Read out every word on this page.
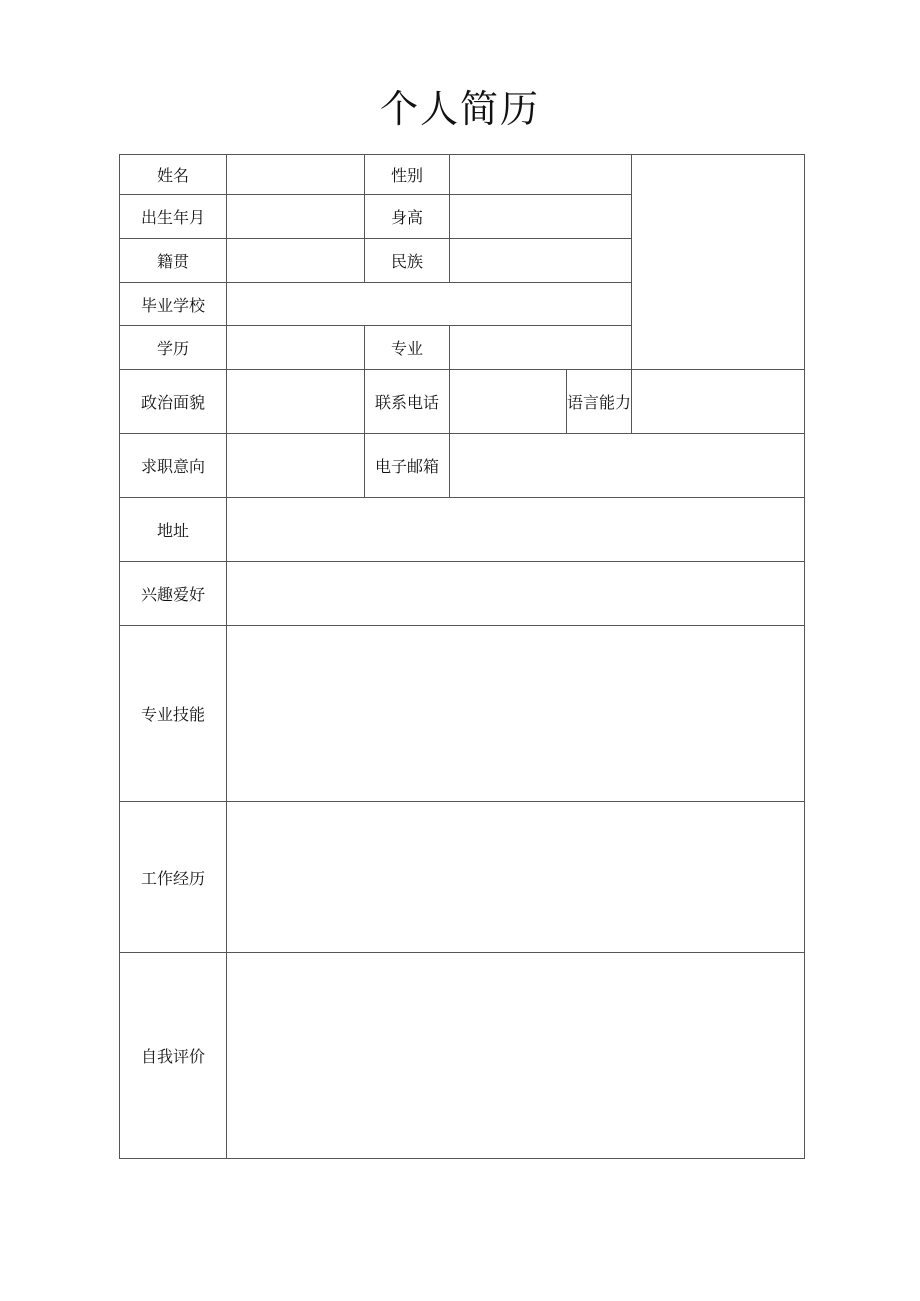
个人简历
姓名		性别			
出生年月		身高			
籍贯		民族			
毕业学校					
学历		专业			
政治面貌		联系电话		语言能力	
求职意向		电子邮箱			
地址					
兴趣爱好					
专业技能					
工作经历					
自我评价					
